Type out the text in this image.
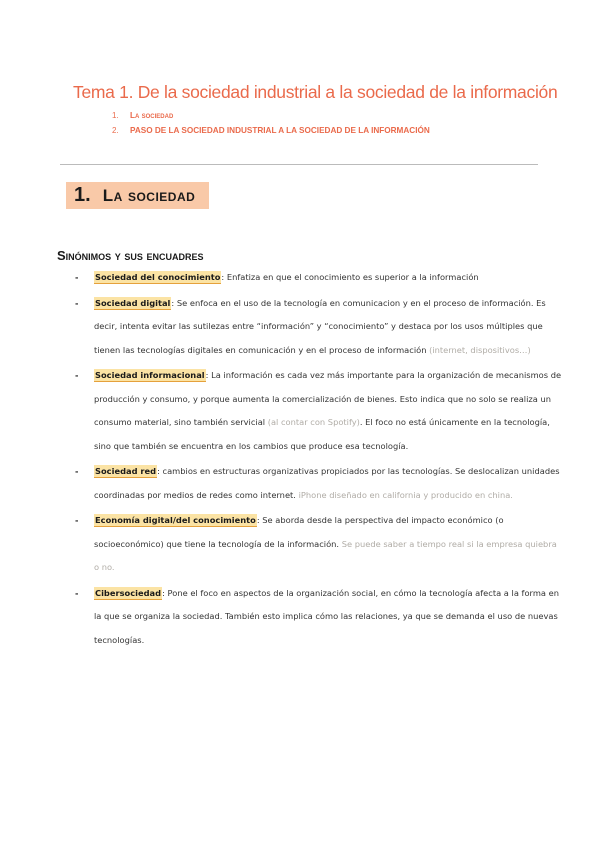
Tema 1. De la sociedad industrial a la sociedad de la información
1.	La sociedad
2.	PASO DE LA SOCIEDAD INDUSTRIAL A LA SOCIEDAD DE LA INFORMACIÓN
1. La sociedad
Sinónimos y sus encuadres
- Sociedad del conocimiento: Enfatiza en que el conocimiento es superior a la información
- Sociedad digital: Se enfoca en el uso de la tecnología en comunicacion y en el proceso de información. Es decir, intenta evitar las sutilezas entre “información” y “conocimiento” y destaca por los usos múltiples que tienen las tecnologías digitales en comunicación y en el proceso de información (internet, dispositivos…)
- Sociedad informacional: La información es cada vez más importante para la organización de mecanismos de producción y consumo, y porque aumenta la comercialización de bienes. Esto indica que no solo se realiza un consumo material, sino también servicial (al contar con Spotify). El foco no está únicamente en la tecnología, sino que también se encuentra en los cambios que produce esa tecnología.
- Sociedad red: cambios en estructuras organizativas propiciados por las tecnologías. Se deslocalizan unidades coordinadas por medios de redes como internet. iPhone diseñado en california y producido en china.
- Economía digital/del conocimiento: Se aborda desde la perspectiva del impacto económico (o socioeconómico) que tiene la tecnología de la información. Se puede saber a tiempo real si la empresa quiebra o no.
- Cibersociedad: Pone el foco en aspectos de la organización social, en cómo la tecnología afecta a la forma en la que se organiza la sociedad. También esto implica cómo las relaciones, ya que se demanda el uso de nuevas tecnologías.
